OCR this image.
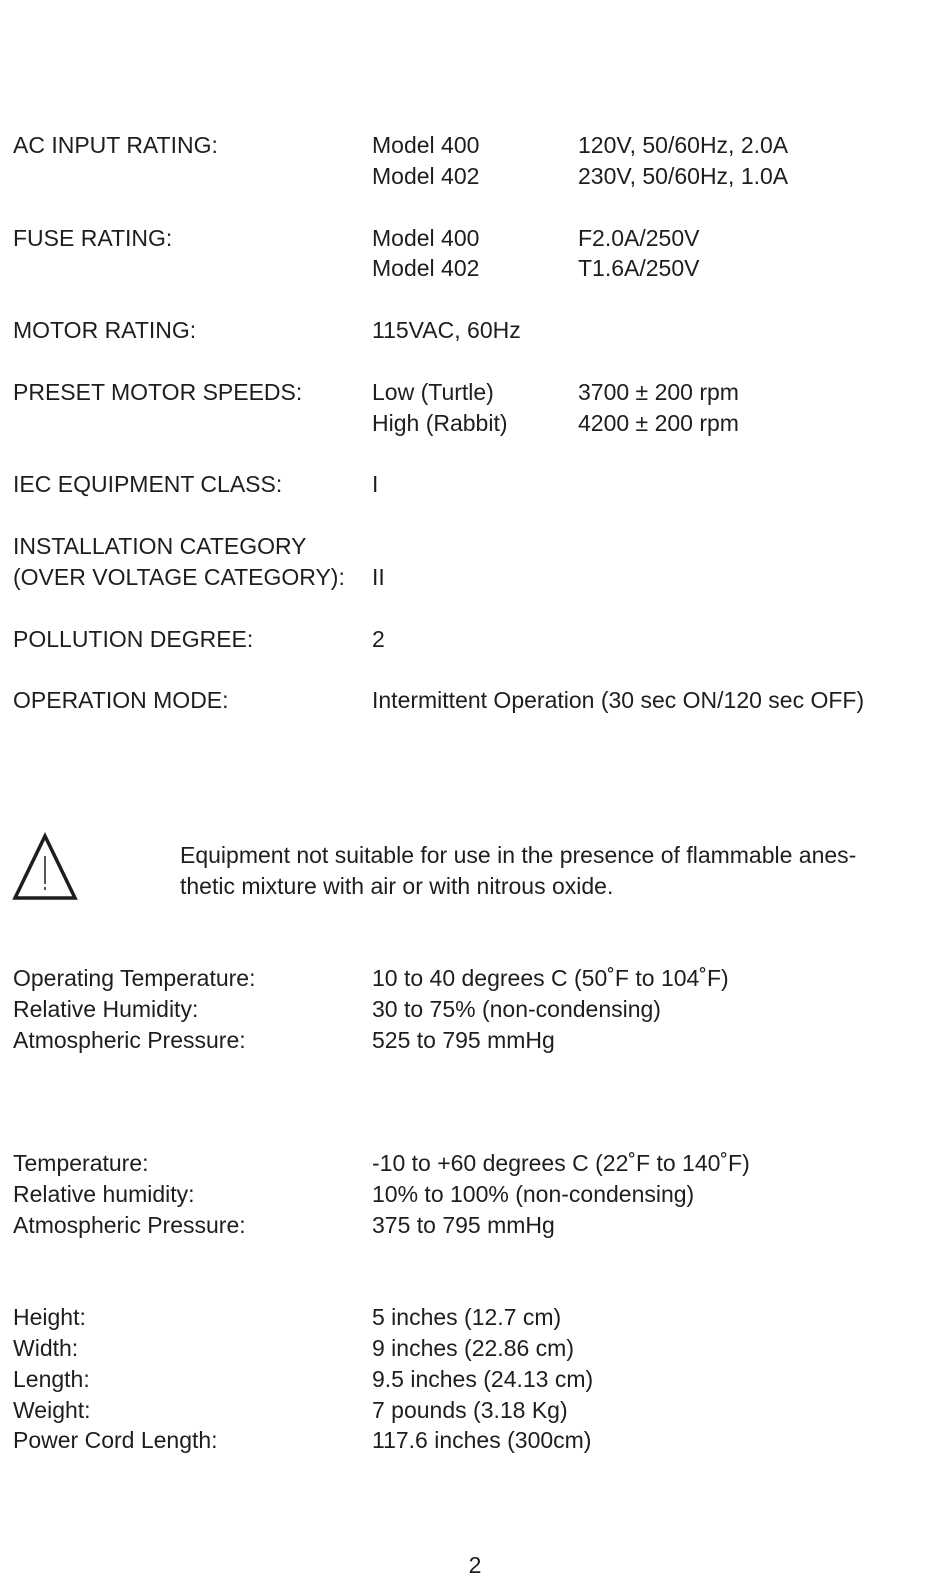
AC INPUT RATING:	Model 400	120V, 50/60Hz, 2.0A
Model 402	230V, 50/60Hz, 1.0A
FUSE RATING:	Model 400	F2.0A/250V
Model 402	T1.6A/250V
MOTOR RATING:	115VAC, 60Hz
PRESET MOTOR SPEEDS:	Low (Turtle)	3700 ± 200 rpm
High (Rabbit)	4200 ± 200 rpm
IEC EQUIPMENT CLASS:	I
INSTALLATION CATEGORY
(OVER VOLTAGE CATEGORY): II
POLLUTION DEGREE:	2
OPERATION MODE:	Intermittent Operation (30 sec ON/120 sec OFF)
Equipment not suitable for use in the presence of flammable anes-
thetic mixture with air or with nitrous oxide.
Operating Temperature:	10 to 40 degrees C (50˚F to 104˚F)
Relative Humidity:	30 to 75% (non-condensing)
Atmospheric Pressure:	525 to 795 mmHg
Temperature:	-10 to +60 degrees C (22˚F to 140˚F)
Relative humidity:	10% to 100% (non-condensing)
Atmospheric Pressure:	375 to 795 mmHg
Height:	5 inches (12.7 cm)
Width:	9 inches (22.86 cm)
Length:	9.5 inches (24.13 cm)
Weight:	7 pounds (3.18 Kg)
Power Cord Length:	117.6 inches (300cm)
2
